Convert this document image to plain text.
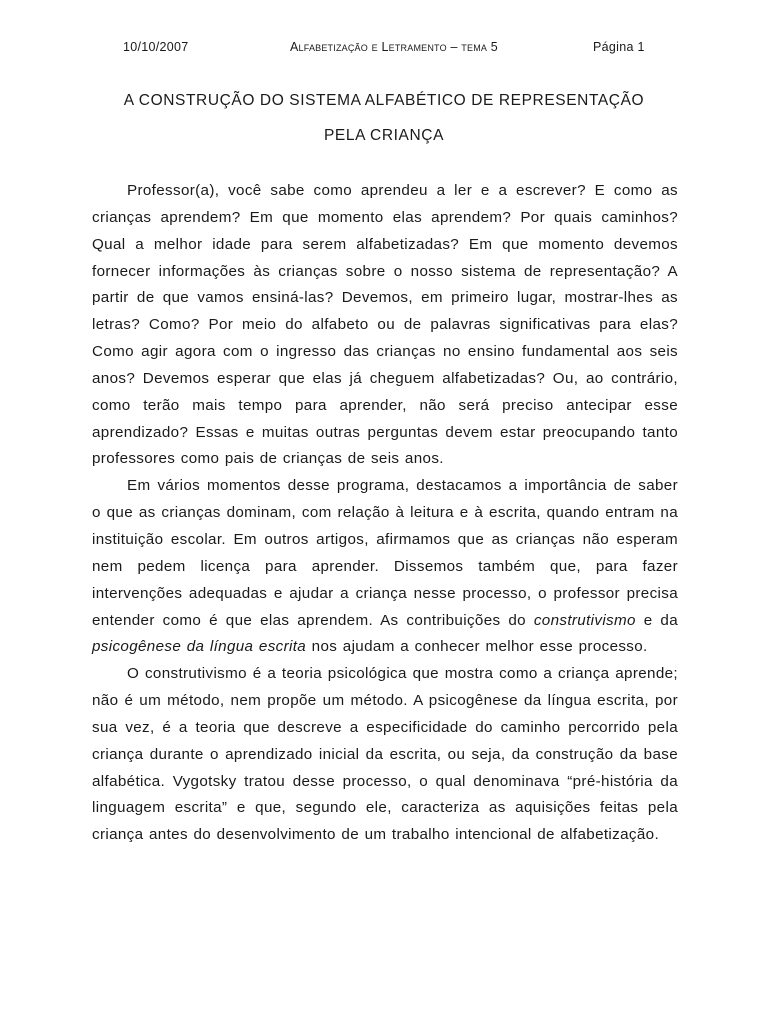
10/10/2007	Alfabetização e Letramento – tema 5	Página 1
A CONSTRUÇÃO DO SISTEMA ALFABÉTICO DE REPRESENTAÇÃO
PELA CRIANÇA

Professor(a), você sabe como aprendeu a ler e a escrever? E como as crianças aprendem? Em que momento elas aprendem? Por quais caminhos? Qual a melhor idade para serem alfabetizadas? Em que momento devemos fornecer informações às crianças sobre o nosso sistema de representação? A partir de que vamos ensiná-las? Devemos, em primeiro lugar, mostrar-lhes as letras? Como? Por meio do alfabeto ou de palavras significativas para elas? Como agir agora com o ingresso das crianças no ensino fundamental aos seis anos? Devemos esperar que elas já cheguem alfabetizadas? Ou, ao contrário, como terão mais tempo para aprender, não será preciso antecipar esse aprendizado? Essas e muitas outras perguntas devem estar preocupando tanto professores como pais de crianças de seis anos.

Em vários momentos desse programa, destacamos a importância de saber o que as crianças dominam, com relação à leitura e à escrita, quando entram na instituição escolar. Em outros artigos, afirmamos que as crianças não esperam nem pedem licença para aprender. Dissemos também que, para fazer intervenções adequadas e ajudar a criança nesse processo, o professor precisa entender como é que elas aprendem. As contribuições do construtivismo e da psicogênese da língua escrita nos ajudam a conhecer melhor esse processo.

O construtivismo é a teoria psicológica que mostra como a criança aprende; não é um método, nem propõe um método. A psicogênese da língua escrita, por sua vez, é a teoria que descreve a especificidade do caminho percorrido pela criança durante o aprendizado inicial da escrita, ou seja, da construção da base alfabética. Vygotsky tratou desse processo, o qual denominava “pré-história da linguagem escrita” e que, segundo ele, caracteriza as aquisições feitas pela criança antes do desenvolvimento de um trabalho intencional de alfabetização.
